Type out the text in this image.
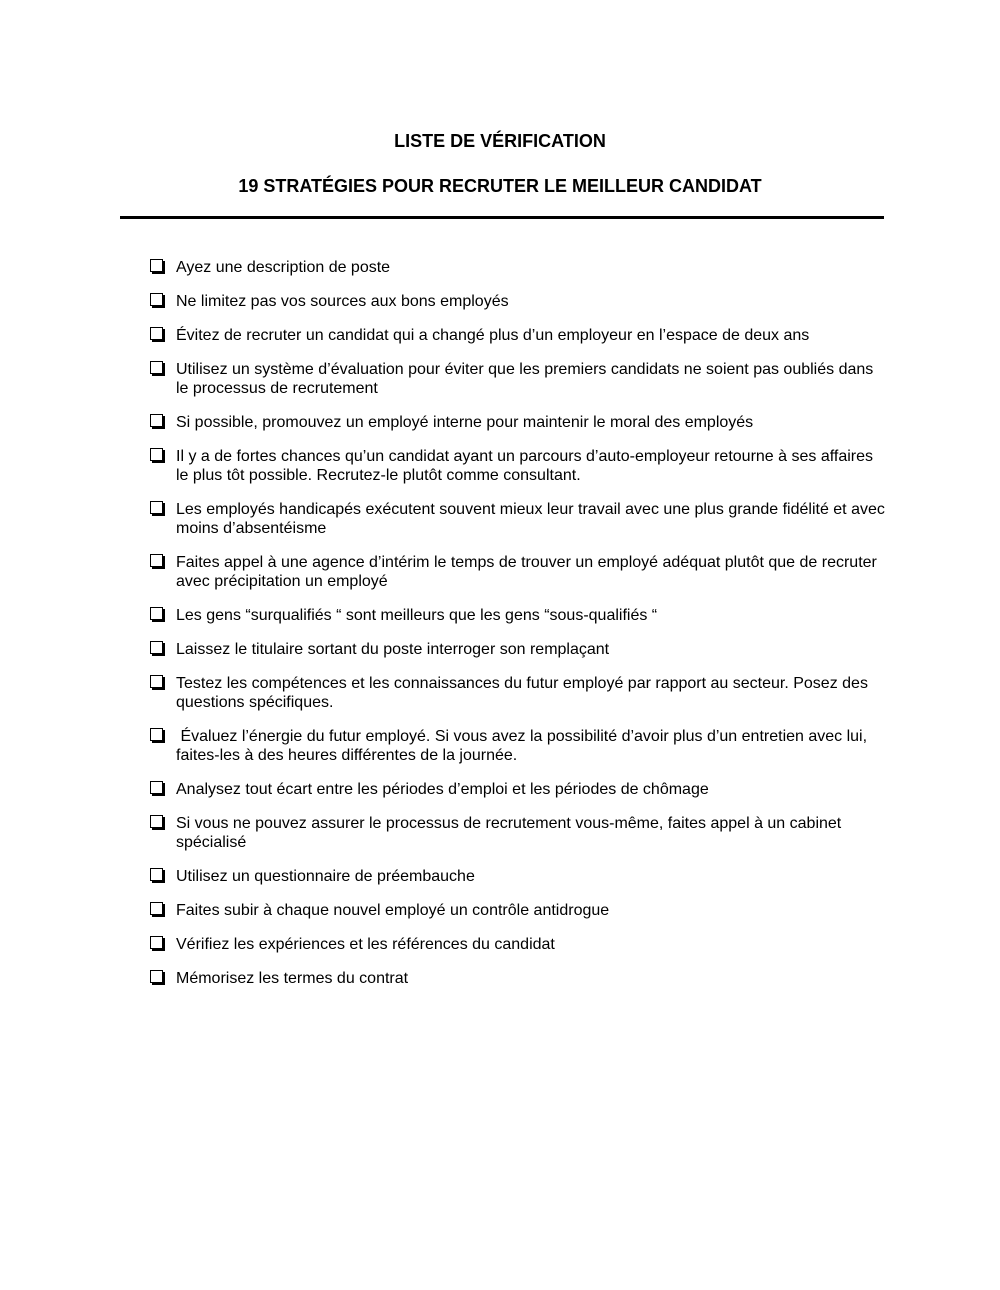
LISTE DE VÉRIFICATION
19 STRATÉGIES POUR RECRUTER LE MEILLEUR CANDIDAT
Ayez une description de poste
Ne limitez pas vos sources aux bons employés
Évitez de recruter un candidat qui a changé plus d’un employeur en l’espace de deux ans
Utilisez un système d’évaluation pour éviter que les premiers candidats ne soient pas oubliés dans le processus de recrutement
Si possible, promouvez un employé interne pour maintenir le moral des employés
Il y a de fortes chances qu’un candidat ayant un parcours d’auto-employeur retourne à ses affaires le plus tôt possible. Recrutez-le plutôt comme consultant.
Les employés handicapés exécutent souvent mieux leur travail avec une plus grande fidélité et avec moins d’absentéisme
Faites appel à une agence d’intérim le temps de trouver un employé adéquat plutôt que de recruter avec précipitation un employé
Les gens “surqualifiés “ sont meilleurs que les gens “sous-qualifiés “
Laissez le titulaire sortant du poste interroger son remplaçant
Testez les compétences et les connaissances du futur employé par rapport au secteur. Posez des questions spécifiques.
Évaluez l’énergie du futur employé. Si vous avez la possibilité d’avoir plus d’un entretien avec lui, faites-les à des heures différentes de la journée.
Analysez tout écart entre les périodes d’emploi et les périodes de chômage
Si vous ne pouvez assurer le processus de recrutement vous-même, faites appel à un cabinet spécialisé
Utilisez un questionnaire de préembauche
Faites subir à chaque nouvel employé un contrôle antidrogue
Vérifiez les expériences et les références du candidat
Mémorisez les termes du contrat
